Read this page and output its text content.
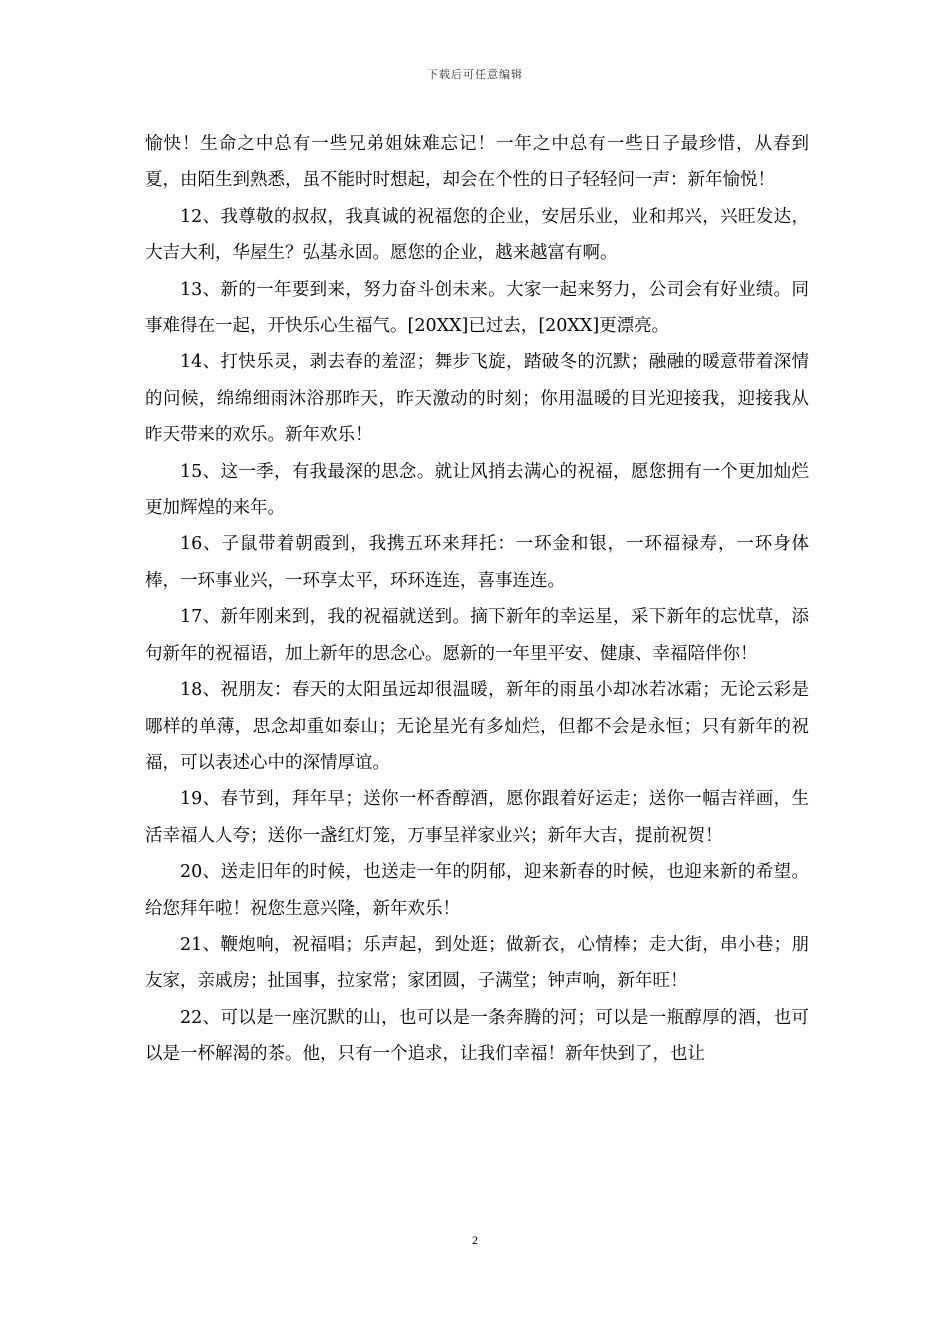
下载后可任意编辑

愉快！生命之中总有一些兄弟姐妹难忘记！一年之中总有一些日子最珍惜，从春到夏，由陌生到熟悉，虽不能时时想起，却会在个性的日子轻轻问一声：新年愉悦！

12、我尊敬的叔叔，我真诚的祝福您的企业，安居乐业，业和邦兴，兴旺发达，大吉大利，华屋生？弘基永固。愿您的企业，越来越富有啊。

13、新的一年要到来，努力奋斗创未来。大家一起来努力，公司会有好业绩。同事难得在一起，开快乐心生福气。[20XX]已过去，[20XX]更漂亮。

14、打快乐灵，剥去春的羞涩；舞步飞旋，踏破冬的沉默；融融的暖意带着深情的问候，绵绵细雨沐浴那昨天，昨天激动的时刻；你用温暖的目光迎接我，迎接我从昨天带来的欢乐。新年欢乐！

15、这一季，有我最深的思念。就让风捎去满心的祝福，愿您拥有一个更加灿烂更加辉煌的来年。

16、子鼠带着朝霞到，我携五环来拜托：一环金和银，一环福禄寿，一环身体棒，一环事业兴，一环享太平，环环连连，喜事连连。

17、新年刚来到，我的祝福就送到。摘下新年的幸运星，采下新年的忘忧草，添句新年的祝福语，加上新年的思念心。愿新的一年里平安、健康、幸福陪伴你！

18、祝朋友：春天的太阳虽远却很温暖，新年的雨虽小却冰若冰霜；无论云彩是哪样的单薄，思念却重如泰山；无论星光有多灿烂，但都不会是永恒；只有新年的祝福，可以表述心中的深情厚谊。

19、春节到，拜年早；送你一杯香醇酒，愿你跟着好运走；送你一幅吉祥画，生活幸福人人夸；送你一盏红灯笼，万事呈祥家业兴；新年大吉，提前祝贺！

20、送走旧年的时候，也送走一年的阴郁，迎来新春的时候，也迎来新的希望。给您拜年啦！祝您生意兴隆，新年欢乐！

21、鞭炮响，祝福唱；乐声起，到处逛；做新衣，心情棒；走大街，串小巷；朋友家，亲戚房；扯国事，拉家常；家团圆，子满堂；钟声响，新年旺！

22、可以是一座沉默的山，也可以是一条奔腾的河；可以是一瓶醇厚的酒，也可以是一杯解渴的茶。他，只有一个追求，让我们幸福！新年快到了，也让

2
